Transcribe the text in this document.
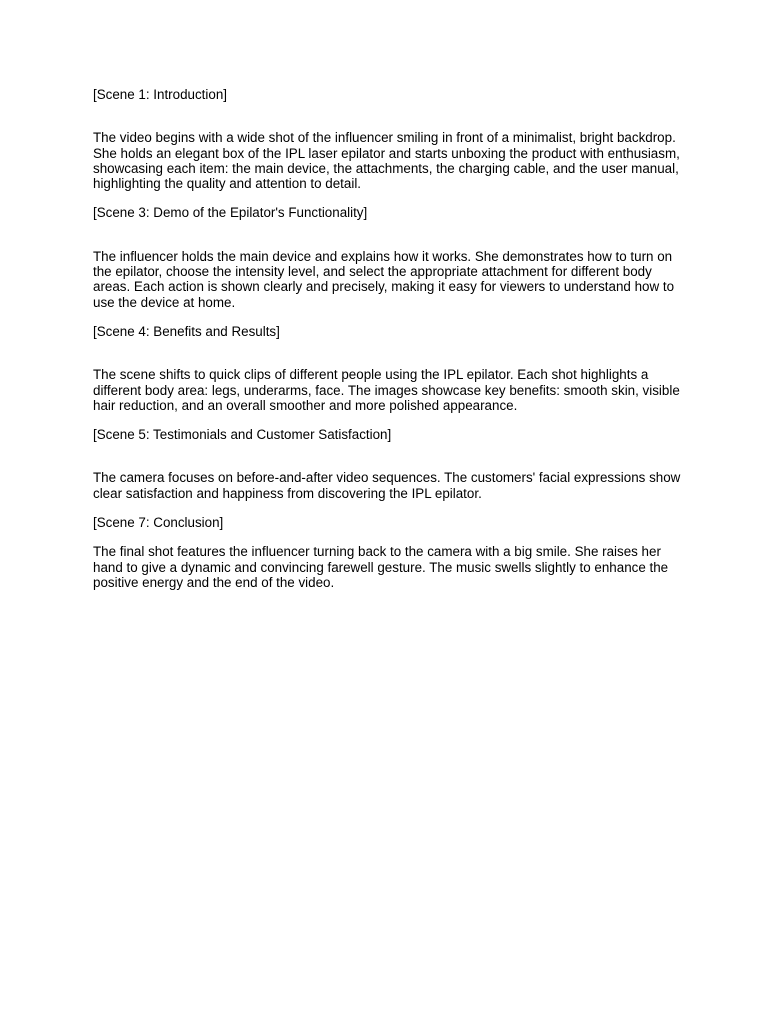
[Scene 1: Introduction]

The video begins with a wide shot of the influencer smiling in front of a minimalist, bright backdrop. She holds an elegant box of the IPL laser epilator and starts unboxing the product with enthusiasm, showcasing each item: the main device, the attachments, the charging cable, and the user manual, highlighting the quality and attention to detail.

[Scene 3: Demo of the Epilator's Functionality]

The influencer holds the main device and explains how it works. She demonstrates how to turn on the epilator, choose the intensity level, and select the appropriate attachment for different body areas. Each action is shown clearly and precisely, making it easy for viewers to understand how to use the device at home.

[Scene 4: Benefits and Results]

The scene shifts to quick clips of different people using the IPL epilator. Each shot highlights a different body area: legs, underarms, face. The images showcase key benefits: smooth skin, visible hair reduction, and an overall smoother and more polished appearance.

[Scene 5: Testimonials and Customer Satisfaction]

The camera focuses on before-and-after video sequences. The customers' facial expressions show clear satisfaction and happiness from discovering the IPL epilator.

[Scene 7: Conclusion]

The final shot features the influencer turning back to the camera with a big smile. She raises her hand to give a dynamic and convincing farewell gesture. The music swells slightly to enhance the positive energy and the end of the video.
